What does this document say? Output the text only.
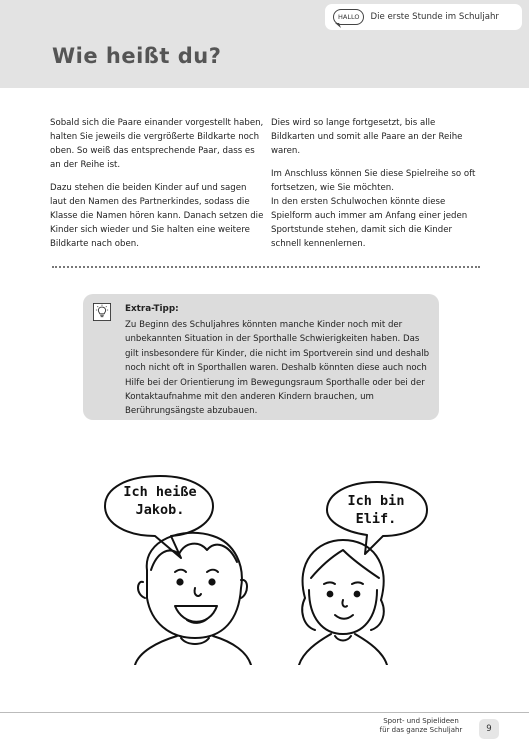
Wie heißt du?
HALLO	Die erste Stunde im Schuljahr

Sobald sich die Paare einander vorgestellt haben, halten Sie jeweils die vergrößerte Bildkarte noch oben. So weiß das entsprechende Paar, dass es an der Reihe ist.

Dazu stehen die beiden Kinder auf und sagen laut den Namen des Partnerkindes, sodass die Klasse die Namen hören kann. Danach setzen die Kinder sich wieder und Sie halten eine weitere Bildkarte nach oben.

Dies wird so lange fortgesetzt, bis alle Bildkarten und somit alle Paare an der Reihe waren.

Im Anschluss können Sie diese Spielreihe so oft fortsetzen, wie Sie möchten.

In den ersten Schulwochen könnte diese Spielform auch immer am Anfang einer jeden Sportstunde stehen, damit sich die Kinder schnell kennenlernen.

Extra-Tipp:

Zu Beginn des Schuljahres könnten manche Kinder noch mit der unbekannten Situation in der Sporthalle Schwierigkeiten haben. Das gilt insbesondere für Kinder, die nicht im Sportverein sind und deshalb noch nicht oft in Sporthallen waren. Deshalb könnten diese auch noch Hilfe bei der Orientierung im Bewegungsraum Sporthalle oder bei der Kontaktaufnahme mit den anderen Kindern brauchen, um Berührungsängste abzubauen.

Ich heiße Jakob.
Ich bin Elif.
Sport- und Spielideen
für das ganze Schuljahr	9
